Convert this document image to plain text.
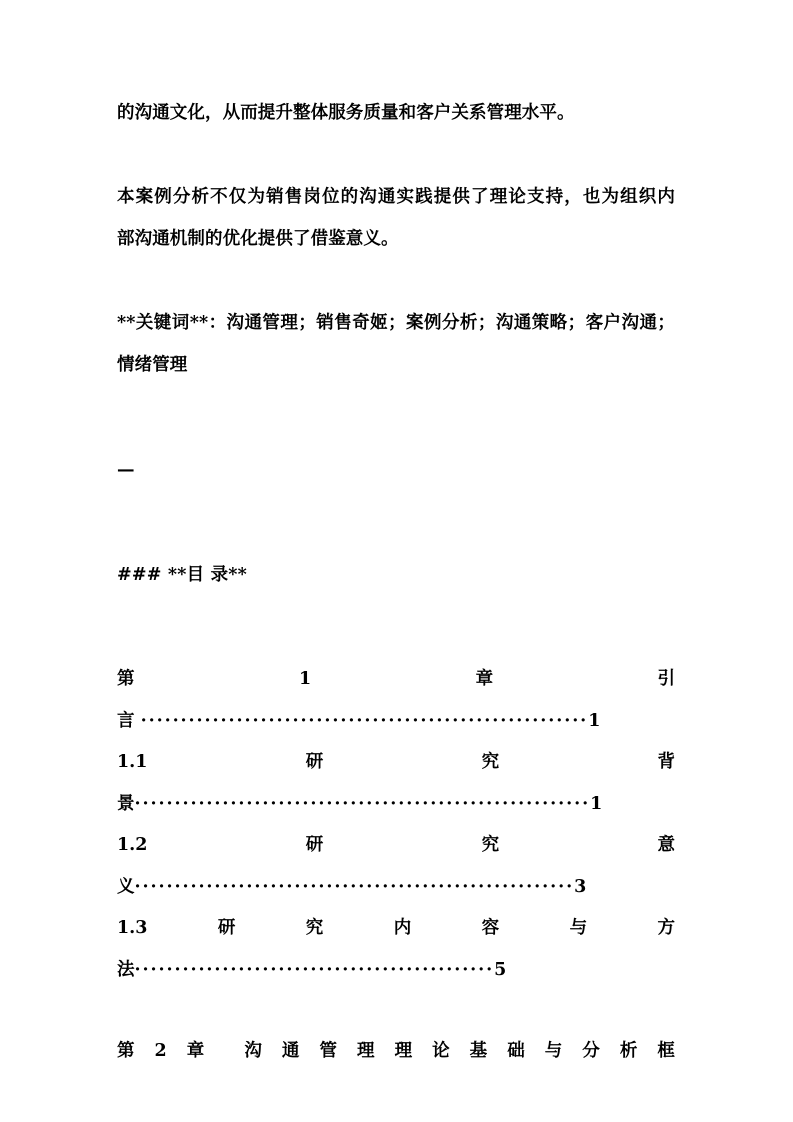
的沟通文化，从而提升整体服务质量和客户关系管理水平。

本案例分析不仅为销售岗位的沟通实践提供了理论支持，也为组织内

部沟通机制的优化提供了借鉴意义。

**关键词**：沟通管理；销售奇姬；案例分析；沟通策略；客户沟通；

情绪管理

—

### **目 录**

第	1	章	引
言 ························································1
1.1	研	究	背
景·························································1
1.2	研	究	意
义·······················································3
1.3	研	究	内	容	与	方
法·············································5
第 2 章 沟 通 管 理 理 论 基 础 与 分 析 框
